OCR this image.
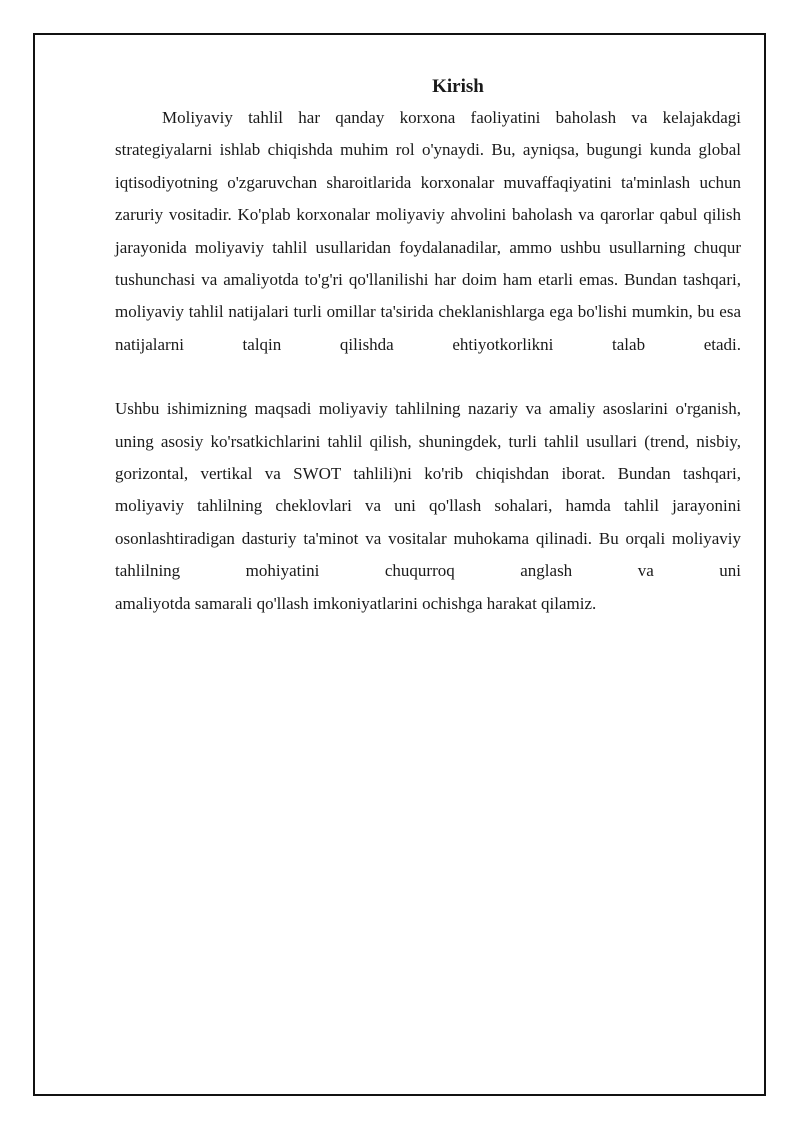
Kirish

Moliyaviy tahlil har qanday korxona faoliyatini baholash va kelajakdagi strategiyalarni ishlab chiqishda muhim rol o'ynaydi. Bu, ayniqsa, bugungi kunda global iqtisodiyotning o'zgaruvchan sharoitlarida korxonalar muvaffaqiyatini ta'minlash uchun zaruriy vositadir. Ko'plab korxonalar moliyaviy ahvolini baholash va qarorlar qabul qilish jarayonida moliyaviy tahlil usullaridan foydalanadilar, ammo ushbu usullarning chuqur tushunchasi va amaliyotda to'g'ri qo'llanilishi har doim ham etarli emas. Bundan tashqari, moliyaviy tahlil natijalari turli omillar ta'sirida cheklanishlarga ega bo'lishi mumkin, bu esa natijalarni talqin qilishda ehtiyotkorlikni talab etadi.

Ushbu ishimizning maqsadi moliyaviy tahlilning nazariy va amaliy asoslarini o'rganish, uning asosiy ko'rsatkichlarini tahlil qilish, shuningdek, turli tahlil usullari (trend, nisbiy, gorizontal, vertikal va SWOT tahlili)ni ko'rib chiqishdan iborat. Bundan tashqari, moliyaviy tahlilning cheklovlari va uni qo'llash sohalari, hamda tahlil jarayonini osonlashtiradigan dasturiy ta'minot va vositalar muhokama qilinadi. Bu orqali moliyaviy tahlilning mohiyatini chuqurroq anglash va uni
amaliyotda samarali qo'llash imkoniyatlarini ochishga harakat qilamiz.
